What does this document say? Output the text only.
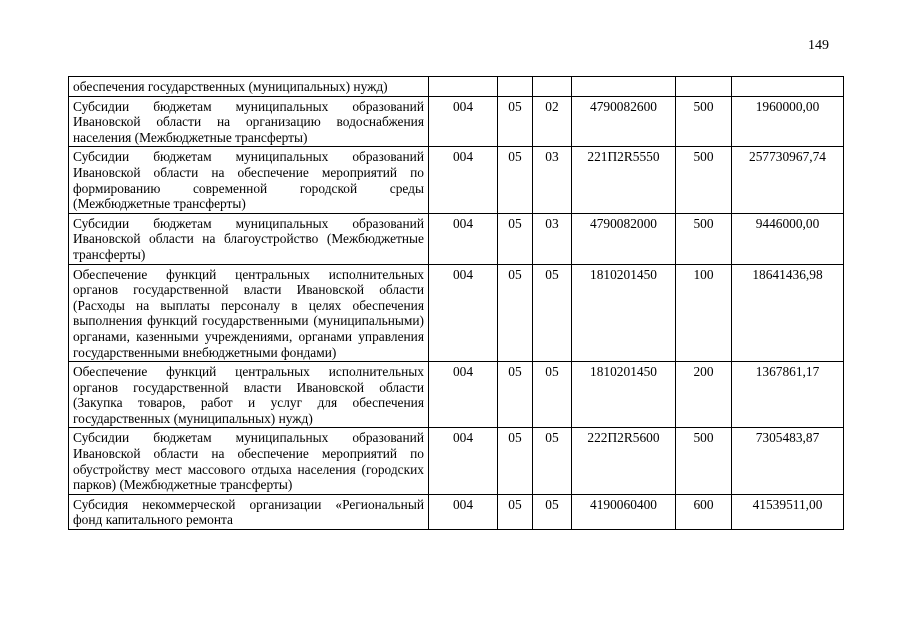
149
обеспечения государственных (муниципальных) нужд)						
Субсидии бюджетам муниципальных образований Ивановской области на организацию водоснабжения населения (Межбюджетные трансферты)	004	05	02	4790082600	500	1960000,00
Субсидии бюджетам муниципальных образований Ивановской области на обеспечение мероприятий по формированию современной городской среды (Межбюджетные трансферты)	004	05	03	221П2R5550	500	257730967,74
Субсидии бюджетам муниципальных образований Ивановской области на благоустройство (Межбюджетные трансферты)	004	05	03	4790082000	500	9446000,00
Обеспечение функций центральных исполнительных органов государственной власти Ивановской области (Расходы на выплаты персоналу в целях обеспечения выполнения функций государственными (муниципальными) органами, казенными учреждениями, органами управления государственными внебюджетными фондами)	004	05	05	1810201450	100	18641436,98
Обеспечение функций центральных исполнительных органов государственной власти Ивановской области (Закупка товаров, работ и услуг для обеспечения государственных (муниципальных) нужд)	004	05	05	1810201450	200	1367861,17
Субсидии бюджетам муниципальных образований Ивановской области на обеспечение мероприятий по обустройству мест массового отдыха населения (городских парков) (Межбюджетные трансферты)	004	05	05	222П2R5600	500	7305483,87
Субсидия некоммерческой организации «Региональный фонд капитального ремонта	004	05	05	4190060400	600	41539511,00
